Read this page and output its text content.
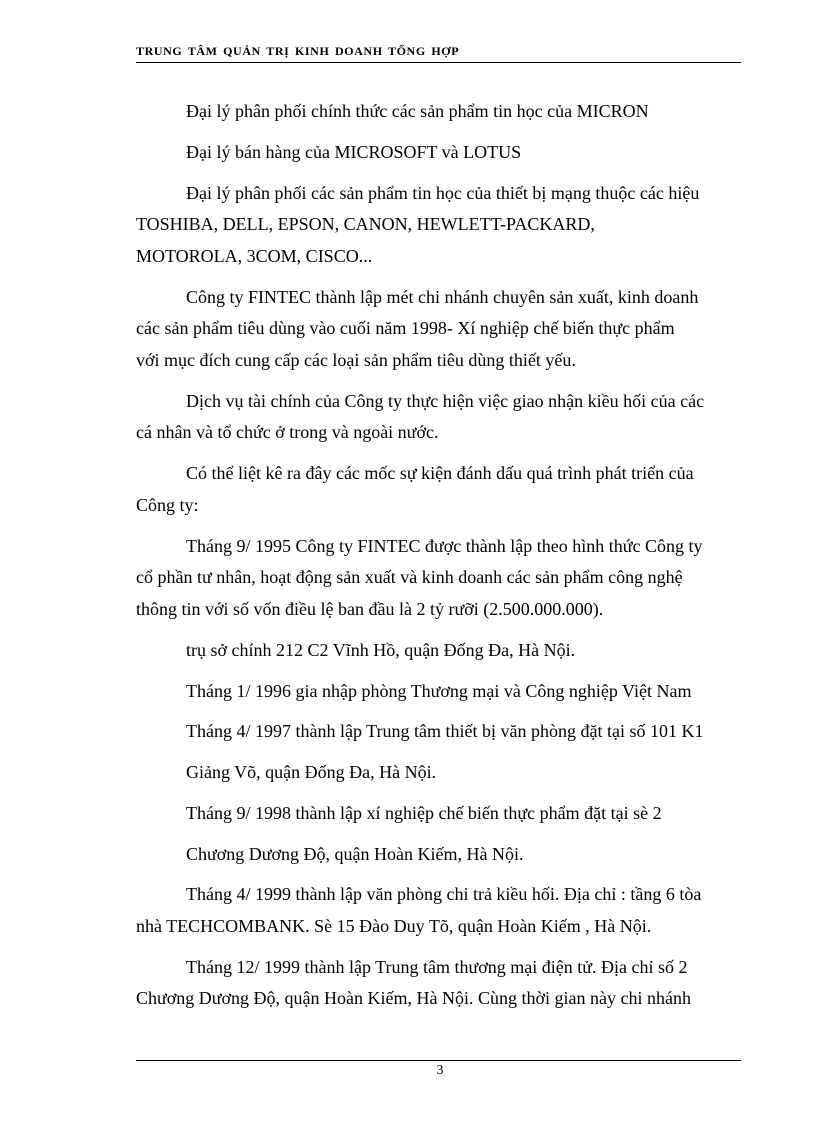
TRUNG TÂM QUẢN TRỊ KINH DOANH TỔNG HỢP
Đại lý phân phối chính thức các sản phẩm tin học của MICRON
Đại lý bán hàng của MICROSOFT và LOTUS
Đại lý phân phối các sản phẩm tin học của thiết bị mạng thuộc các hiệu
TOSHIBA, DELL, EPSON, CANON, HEWLETT-PACKARD,
MOTOROLA, 3COM, CISCO...
Công ty FINTEC thành lập mét chi nhánh chuyên sản xuất, kinh doanh
các sản phẩm tiêu dùng vào cuối năm 1998- Xí nghiệp chế biến thực phẩm
với mục đích cung cấp các loại sản phẩm tiêu dùng thiết yếu.
Dịch vụ tài chính của Công ty thực hiện việc giao nhận kiều hối của các
cá nhân và tổ chức ở trong và ngoài nước.
Có thể liệt kê ra đây các mốc sự kiện đánh dấu quá trình phát triển của
Công ty:
Tháng 9/ 1995 Công ty FINTEC được thành lập theo hình thức Công ty
cổ phần tư nhân, hoạt động sản xuất và kinh doanh các sản phẩm công nghệ
thông tin với số vốn điều lệ ban đầu là 2 tỷ rưỡi (2.500.000.000).
trụ sở chính 212 C2 Vĩnh Hồ, quận Đống Đa, Hà Nội.
Tháng 1/ 1996 gia nhập phòng Thương mại và Công nghiệp Việt Nam
Tháng 4/ 1997 thành lập Trung tâm thiết bị văn phòng đặt tại số 101 K1
Giảng Võ, quận Đống Đa, Hà Nội.
Tháng 9/ 1998 thành lập xí nghiệp chế biến thực phẩm đặt tại sè 2
Chương Dương Độ, quận Hoàn Kiếm, Hà Nội.
Tháng 4/ 1999 thành lập văn phòng chi trả kiều hối. Địa chỉ : tầng 6 tòa
nhà TECHCOMBANK. Sè 15 Đào Duy Tõ, quận Hoàn Kiếm , Hà Nội.
Tháng 12/ 1999 thành lập Trung tâm thương mại điện tử. Địa chỉ số 2
Chương Dương Độ, quận Hoàn Kiếm, Hà Nội. Cùng thời gian này chi nhánh
3
